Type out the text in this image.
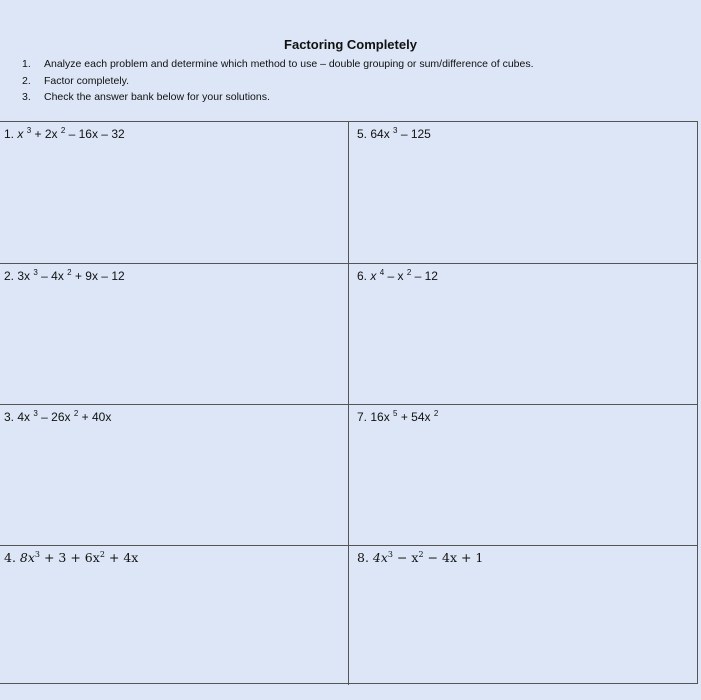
Factoring Completely
1.	Analyze each problem and determine which method to use – double grouping or sum/difference of cubes.
2.	Factor completely.
3.	Check the answer bank below for your solutions.
1. x $^3$ + 2x $^2$ – 16x – 32	5. 64x $^3$ – 125
2. 3x $^3$ – 4x $^2$ + 9x – 12	6. x $^4$ – x $^2$ – 12
3. 4x $^3$ – 26x $^2$ + 40x	7. 16x $^5$ + 54x $^2$
4. $8x^3 + 3 + 6x^2 + 4x$	8. $4x^3 - x^2 - 4x + 1$
